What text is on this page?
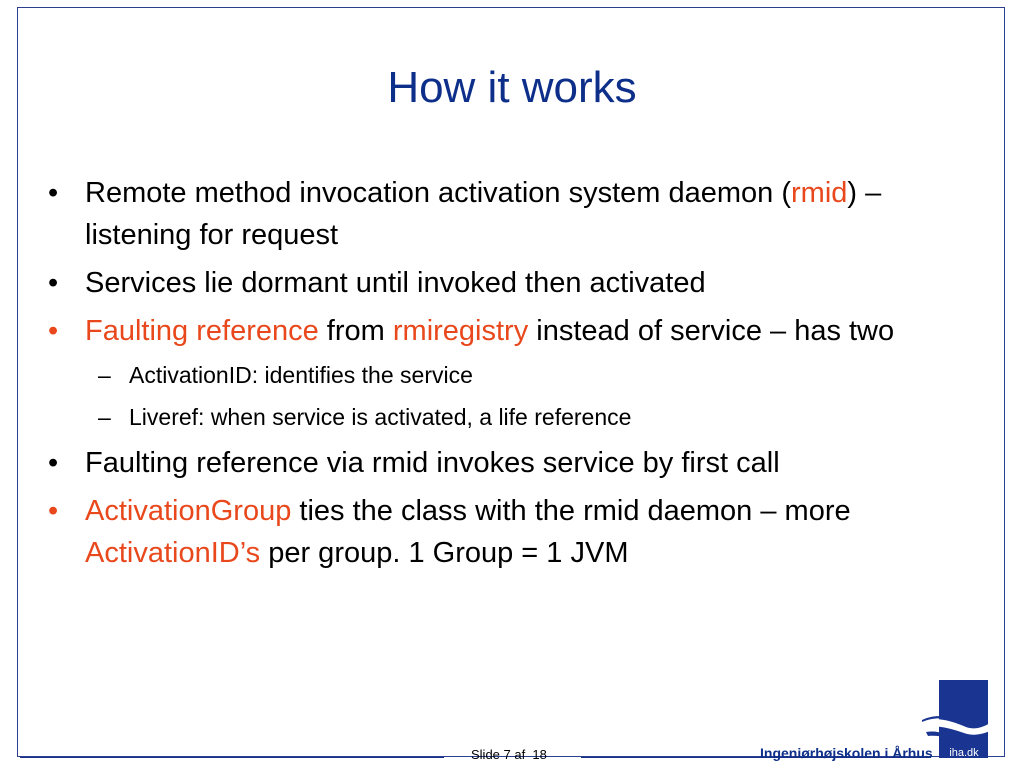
How it works
• Remote method invocation activation system daemon (rmid) – listening for request
• Services lie dormant until invoked then activated
• Faulting reference from rmiregistry instead of service – has two
– ActivationID: identifies the service
– Liveref: when service is activated, a life reference
• Faulting reference via rmid invokes service by first call
• ActivationGroup ties the class with the rmid daemon – more ActivationID’s per group. 1 Group = 1 JVM
Slide 7 af  18	Ingeniørhøjskolen i Århus iha.dk
